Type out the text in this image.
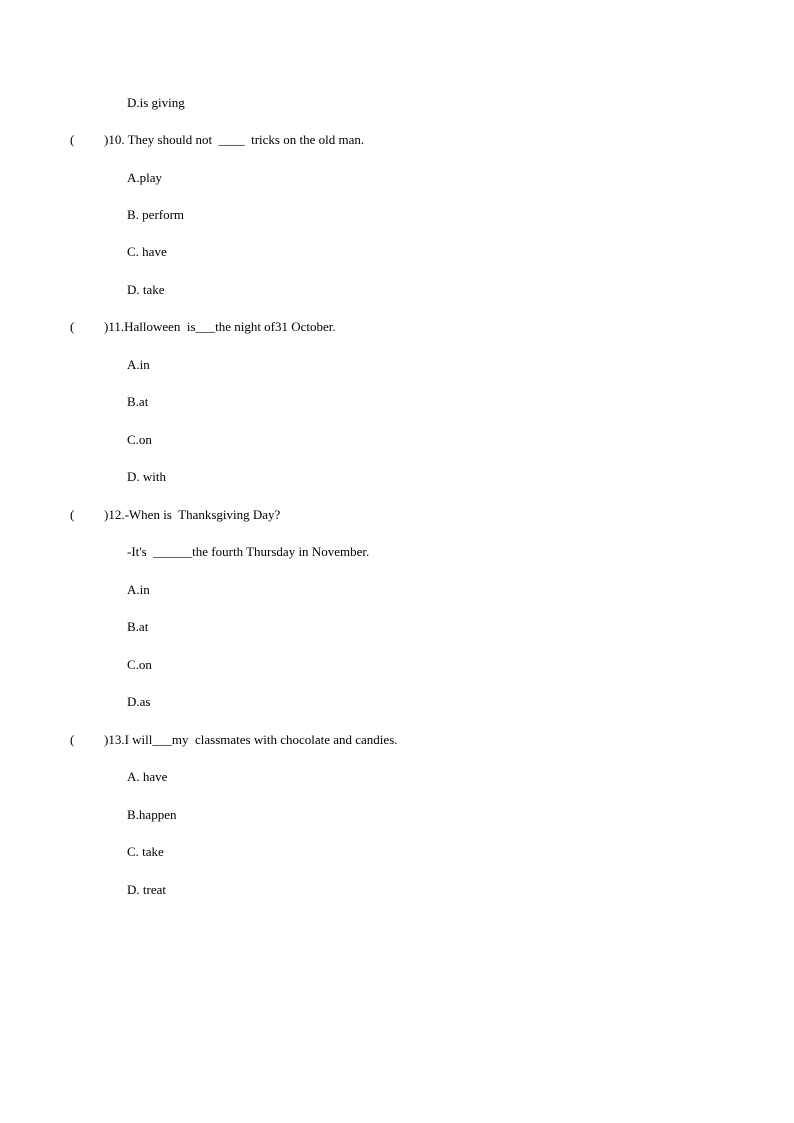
D.is giving
( )10. They should not  ____  tricks on the old man.
A.play
B. perform
C. have
D. take
( )11.Halloween  is___the night of31 October.
A.in
B.at
C.on
D. with
( )12.-When is  Thanksgiving Day?
-It's  ______the fourth Thursday in November.
A.in
B.at
C.on
D.as
( )13.I will___my  classmates with chocolate and candies.
A. have
B.happen
C. take
D. treat
